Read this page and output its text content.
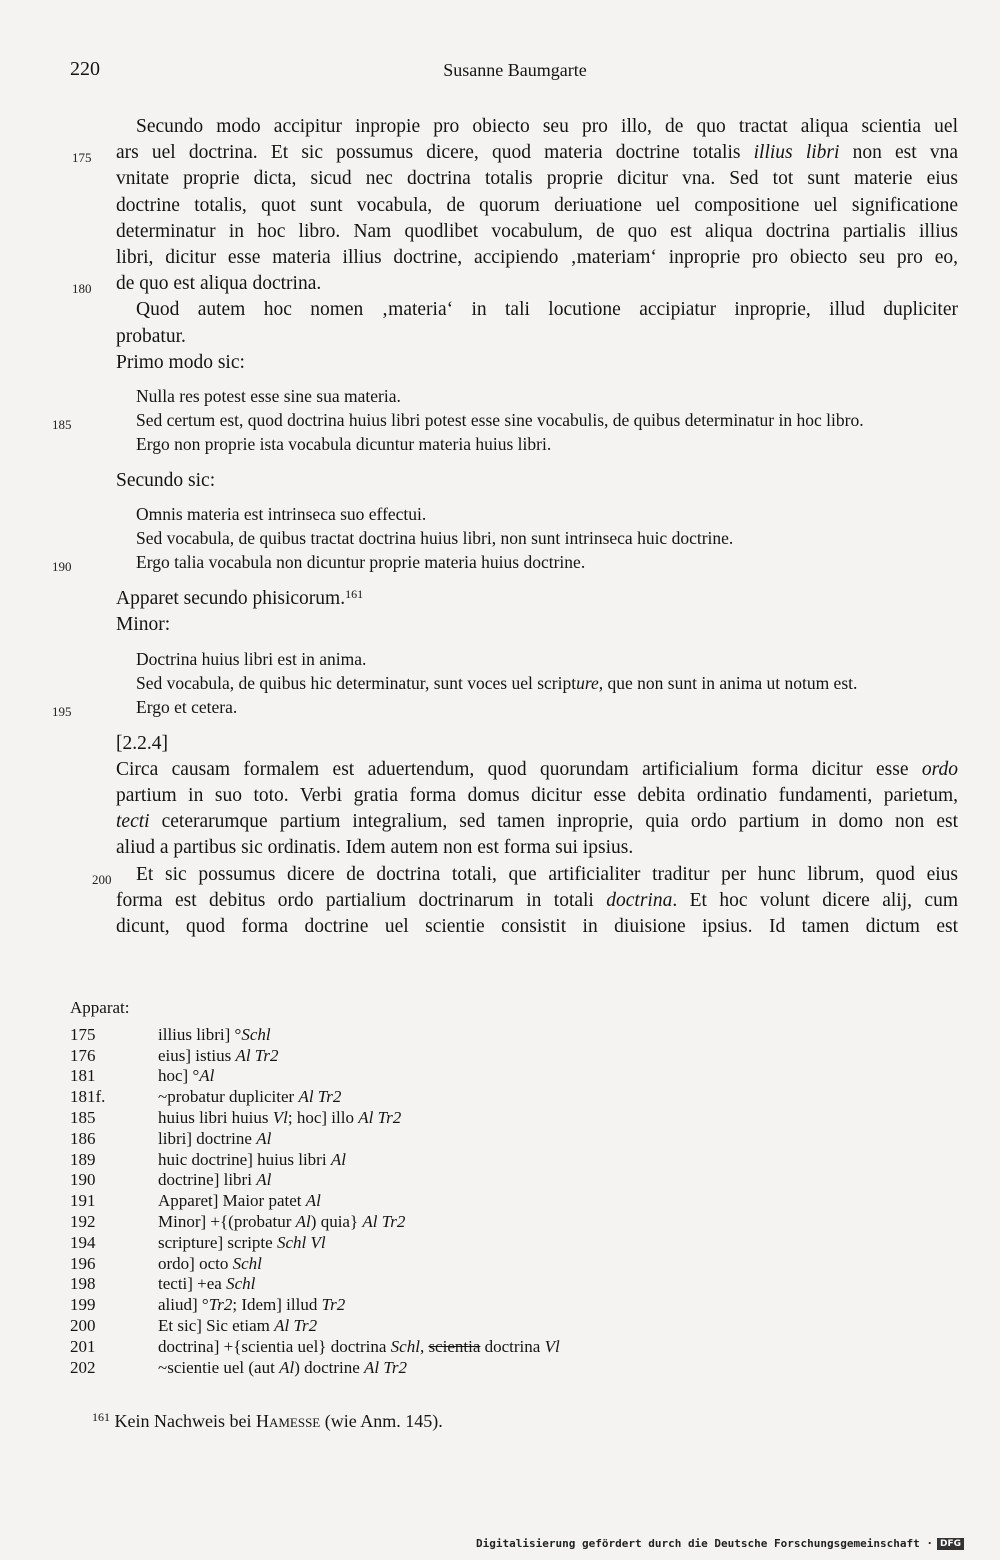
220	Susanne Baumgarte
Secundo modo accipitur inpropie pro obiecto seu pro illo, de quo tractat aliqua scientia uel
175 ars uel doctrina. Et sic possumus dicere, quod materia doctrine totalis illius libri non est vna
vnitate proprie dicta, sicud nec doctrina totalis proprie dicitur vna. Sed tot sunt materie eius
doctrine totalis, quot sunt vocabula, de quorum deriuatione uel compositione uel significatione
determinatur in hoc libro. Nam quodlibet vocabulum, de quo est aliqua doctrina partialis illius
libri, dicitur esse materia illius doctrine, accipiendo ‚materiam‘ inproprie pro obiecto seu pro eo,
180 de quo est aliqua doctrina.
Quod autem hoc nomen ‚materia‘ in tali locutione accipiatur inproprie, illud dupliciter
probatur.
Primo modo sic:
Nulla res potest esse sine sua materia.
185	Sed certum est, quod doctrina huius libri potest esse sine vocabulis, de quibus determinatur in hoc libro.
Ergo non proprie ista vocabula dicuntur materia huius libri.
Secundo sic:
Omnis materia est intrinseca suo effectui.
Sed vocabula, de quibus tractat doctrina huius libri, non sunt intrinseca huic doctrine.
190	Ergo talia vocabula non dicuntur proprie materia huius doctrine.
Apparet secundo phisicorum.$^{161}$
Minor:
Doctrina huius libri est in anima.
Sed vocabula, de quibus hic determinatur, sunt voces uel scripture, que non sunt in anima ut notum est.
195	Ergo et cetera.
[2.2.4]
Circa causam formalem est aduertendum, quod quorundam artificialium forma dicitur esse ordo
partium in suo toto. Verbi gratia forma domus dicitur esse debita ordinatio fundamenti, parietum,
tecti ceterarumque partium integralium, sed tamen inproprie, quia ordo partium in domo non est
aliud a partibus sic ordinatis. Idem autem non est forma sui ipsius.
200 Et sic possumus dicere de doctrina totali, que artificialiter traditur per hunc librum, quod eius
forma est debitus ordo partialium doctrinarum in totali doctrina. Et hoc volunt dicere alij, cum
dicunt, quod forma doctrine uel scientie consistit in diuisione ipsius. Id tamen dictum est
Apparat:
175	illius libri] °Schl
176	eius] istius Al Tr2
181	hoc] °Al
181f.	~probatur dupliciter Al Tr2
185	huius libri huius Vl; hoc] illo Al Tr2
186	libri] doctrine Al
189	huic doctrine] huius libri Al
190	doctrine] libri Al
191	Apparet] Maior patet Al
192	Minor] +{(probatur Al) quia} Al Tr2
194	scripture] scripte Schl Vl
196	ordo] octo Schl
198	tecti] +ea Schl
199	aliud] °Tr2; Idem] illud Tr2
200	Et sic] Sic etiam Al Tr2
201	doctrina] +{scientia uel} doctrina Schl, scientia doctrina Vl
202	~scientie uel (aut Al) doctrine Al Tr2
$^{161}$ Kein Nachweis bei Hamesse (wie Anm. 145).
Digitalisierung gefördert durch die Deutsche Forschungsgemeinschaft · DFG
